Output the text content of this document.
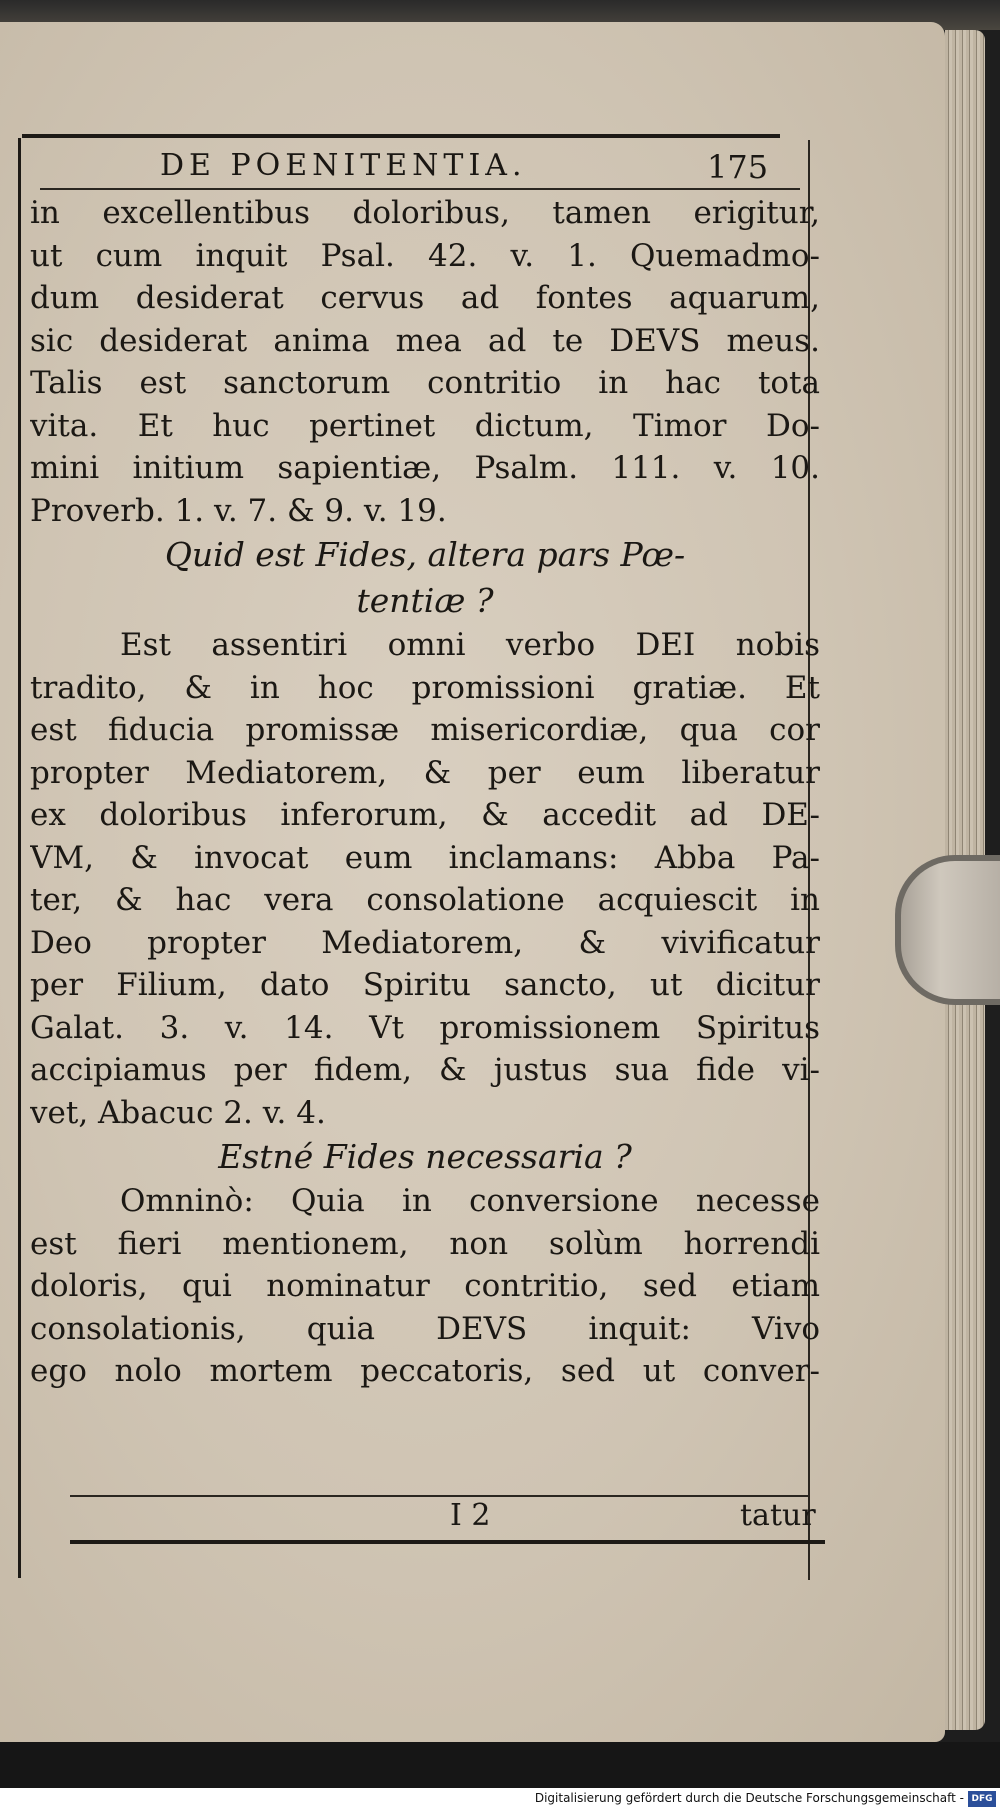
DE POENITENTIA.	175
in excellentibus doloribus, tamen erigitur,
ut cum inquit Psal. 42. v. 1. Quemadmo-
dum desiderat cervus ad fontes aquarum,
sic desiderat anima mea ad te DEVS meus.
Talis est sanctorum contritio in hac tota
vita. Et huc pertinet dictum, Timor Do-
mini initium sapientiæ, Psalm. 111. v. 10.
Proverb. 1. v. 7. & 9. v. 19.
Quid est Fides, altera pars Pœ-
tentiæ ?
Est assentiri omni verbo DEI nobis
tradito, & in hoc promissioni gratiæ. Et
est fiducia promissæ misericordiæ, qua cor
propter Mediatorem, & per eum liberatur
ex doloribus inferorum, & accedit ad DE-
VM, & invocat eum inclamans: Abba Pa-
ter, & hac vera consolatione acquiescit in
Deo propter Mediatorem, & vivificatur
per Filium, dato Spiritu sancto, ut dicitur
Galat. 3. v. 14. Vt promissionem Spiritus
accipiamus per fidem, & justus sua fide vi-
vet, Abacuc 2. v. 4.
Estné Fides necessaria ?
Omninò: Quia in conversione necesse
est fieri mentionem, non solùm horrendi
doloris, qui nominatur contritio, sed etiam
consolationis, quia DEVS inquit: Vivo
ego nolo mortem peccatoris, sed ut conver-
I 2	tatur
Digitalisierung gefördert durch die Deutsche Forschungsgemeinschaft - DFG
